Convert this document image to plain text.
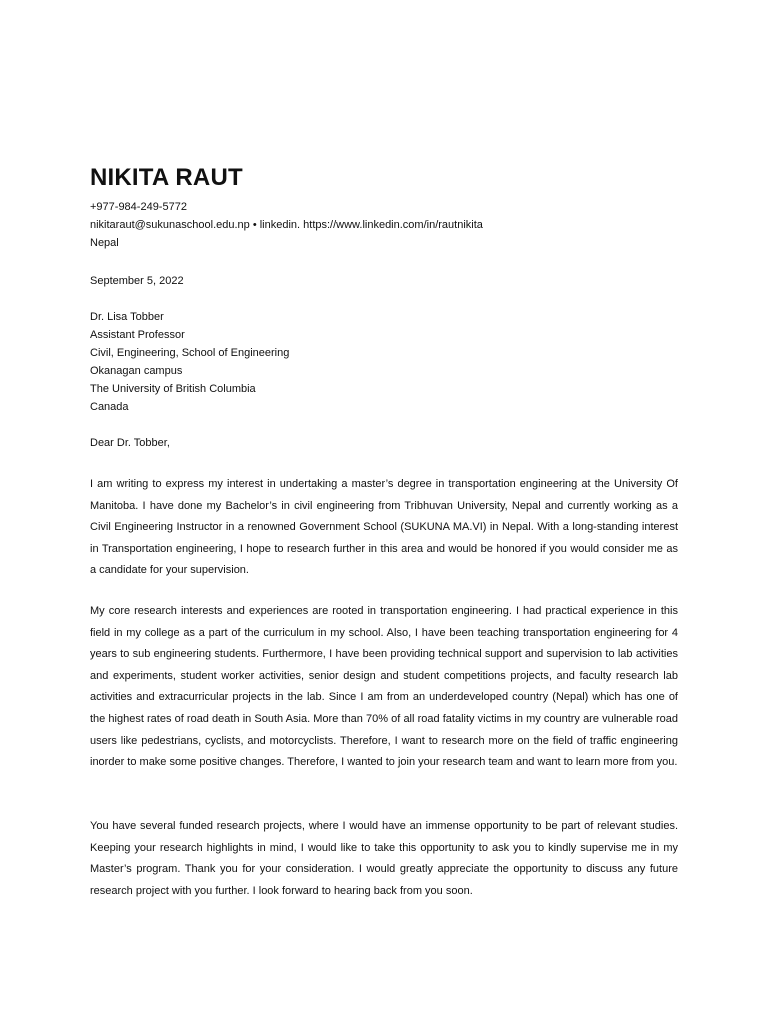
NIKITA RAUT
+977-984-249-5772
nikitaraut@sukunaschool.edu.np • linkedin. https://www.linkedin.com/in/rautnikita
Nepal
September 5, 2022
Dr. Lisa Tobber
Assistant Professor
Civil, Engineering, School of Engineering
Okanagan campus
The University of British Columbia
Canada
Dear Dr. Tobber,

I am writing to express my interest in undertaking a master’s degree in transportation engineering at the University Of Manitoba. I have done my Bachelor’s in civil engineering from Tribhuvan University, Nepal and currently working as a Civil Engineering Instructor in a renowned Government School (SUKUNA MA.VI) in Nepal. With a long-standing interest in Transportation engineering, I hope to research further in this area and would be honored if you would consider me as a candidate for your supervision.

My core research interests and experiences are rooted in transportation engineering. I had practical experience in this field in my college as a part of the curriculum in my school. Also, I have been teaching transportation engineering for 4 years to sub engineering students. Furthermore, I have been providing technical support and supervision to lab activities and experiments, student worker activities, senior design and student competitions projects, and faculty research lab activities and extracurricular projects in the lab. Since I am from an underdeveloped country (Nepal) which has one of the highest rates of road death in South Asia. More than 70% of all road fatality victims in my country are vulnerable road users like pedestrians, cyclists, and motorcyclists. Therefore, I want to research more on the field of traffic engineering inorder to make some positive changes. Therefore, I wanted to join your research team and want to learn more from you.

You have several funded research projects, where I would have an immense opportunity to be part of relevant studies. Keeping your research highlights in mind, I would like to take this opportunity to ask you to kindly supervise me in my Master’s program. Thank you for your consideration. I would greatly appreciate the opportunity to discuss any future research project with you further. I look forward to hearing back from you soon.
